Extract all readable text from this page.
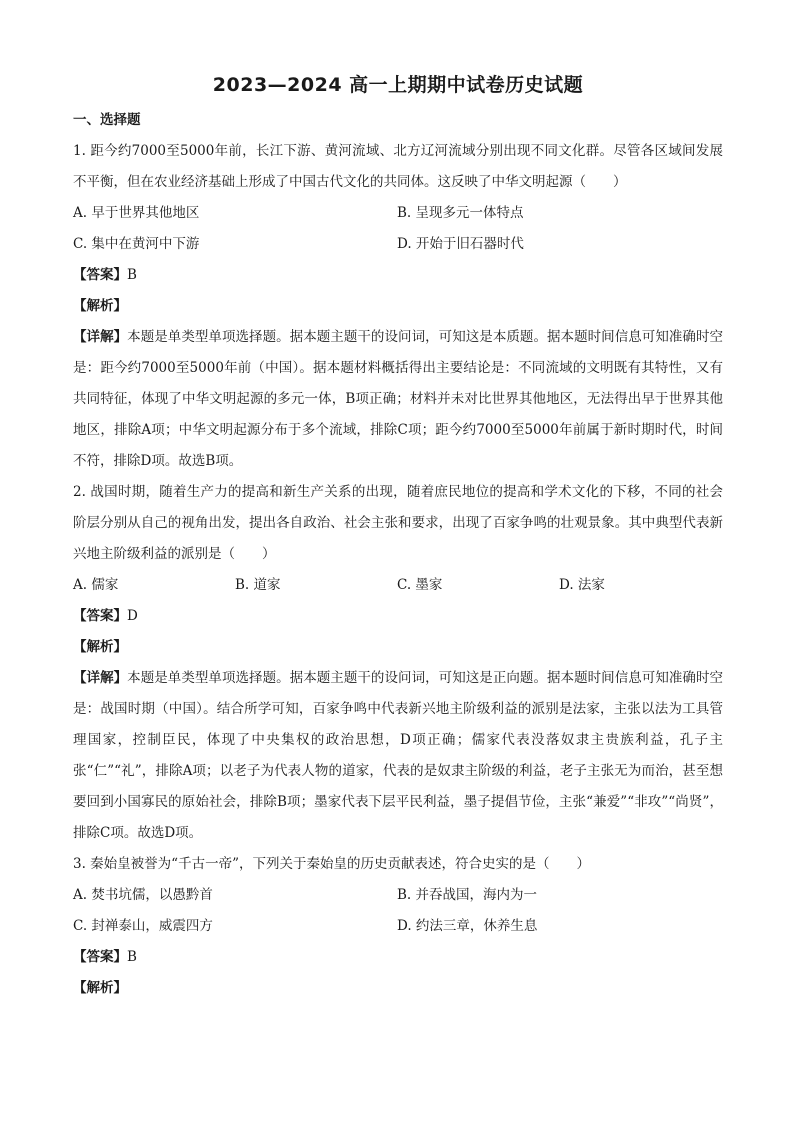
2023—2024 高一上期期中试卷历史试题
一、选择题
1. 距今约7000至5000年前，长江下游、黄河流域、北方辽河流域分别出现不同文化群。尽管各区域间发展不平衡，但在农业经济基础上形成了中国古代文化的共同体。这反映了中华文明起源（　　）
A. 早于世界其他地区	B. 呈现多元一体特点
C. 集中在黄河中下游	D. 开始于旧石器时代
【答案】B
【解析】
【详解】本题是单类型单项选择题。据本题主题干的设问词，可知这是本质题。据本题时间信息可知准确时空是：距今约7000至5000年前（中国）。据本题材料概括得出主要结论是：不同流域的文明既有其特性，又有共同特征，体现了中华文明起源的多元一体，B项正确；材料并未对比世界其他地区，无法得出早于世界其他地区，排除A项；中华文明起源分布于多个流域，排除C项；距今约7000至5000年前属于新时期时代，时间不符，排除D项。故选B项。
2. 战国时期，随着生产力的提高和新生产关系的出现，随着庶民地位的提高和学术文化的下移，不同的社会阶层分别从自己的视角出发，提出各自政治、社会主张和要求，出现了百家争鸣的壮观景象。其中典型代表新兴地主阶级利益的派别是（　　）
A. 儒家	B. 道家	C. 墨家	D. 法家
【答案】D
【解析】
【详解】本题是单类型单项选择题。据本题主题干的设问词，可知这是正向题。据本题时间信息可知准确时空是：战国时期（中国）。结合所学可知，百家争鸣中代表新兴地主阶级利益的派别是法家，主张以法为工具管理国家，控制臣民，体现了中央集权的政治思想，D项正确；儒家代表没落奴隶主贵族利益，孔子主张“仁”“礼”，排除A项；以老子为代表人物的道家，代表的是奴隶主阶级的利益，老子主张无为而治，甚至想要回到小国寡民的原始社会，排除B项；墨家代表下层平民利益，墨子提倡节俭，主张“兼爱”“非攻”“尚贤”，排除C项。故选D项。
3. 秦始皇被誉为“千古一帝”，下列关于秦始皇的历史贡献表述，符合史实的是（　　）
A. 焚书坑儒，以愚黔首	B. 并吞战国，海内为一
C. 封禅泰山，威震四方	D. 约法三章，休养生息
【答案】B
【解析】
